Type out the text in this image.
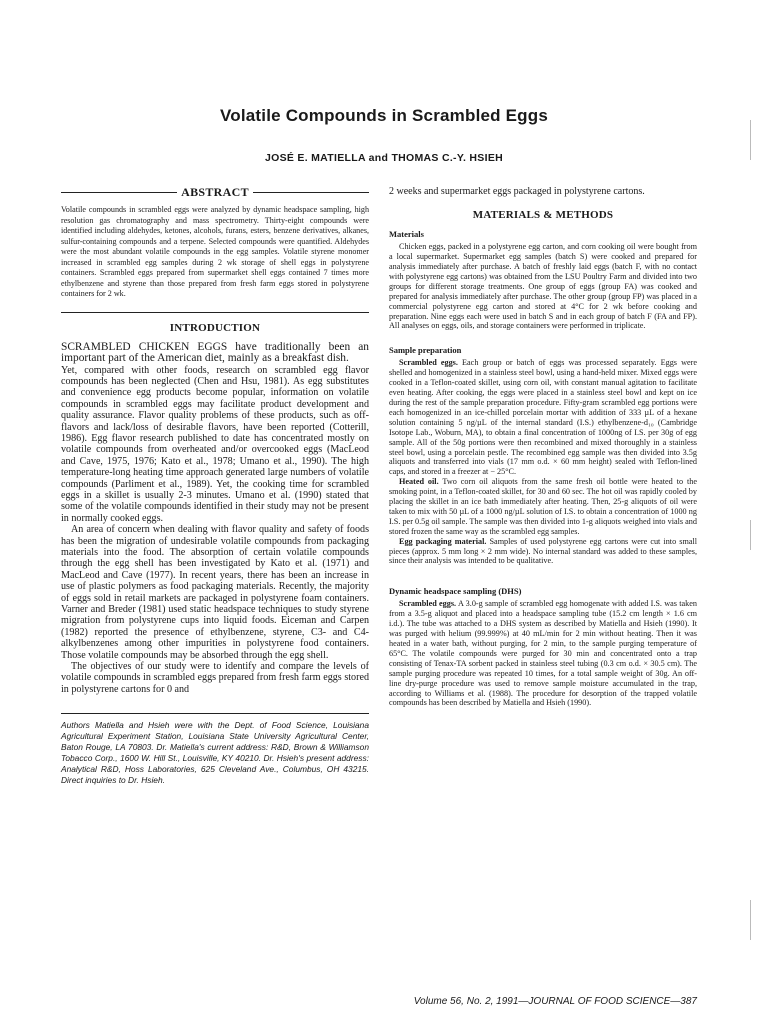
Volatile Compounds in Scrambled Eggs
JOSÉ E. MATIELLA and THOMAS C.-Y. HSIEH
ABSTRACT
Volatile compounds in scrambled eggs were analyzed by dynamic headspace sampling, high resolution gas chromatography and mass spectrometry. Thirty-eight compounds were identified including aldehydes, ketones, alcohols, furans, esters, benzene derivatives, alkanes, sulfur-containing compounds and a terpene. Selected compounds were quantified. Aldehydes were the most abundant volatile compounds in the egg samples. Volatile styrene monomer increased in scrambled egg samples during 2 wk storage of shell eggs in polystyrene containers. Scrambled eggs prepared from supermarket shell eggs contained 7 times more ethylbenzene and styrene than those prepared from fresh farm eggs stored in polystyrene containers for 2 wk.
INTRODUCTION
SCRAMBLED CHICKEN EGGS have traditionally been an important part of the American diet, mainly as a breakfast dish.

Yet, compared with other foods, research on scrambled egg flavor compounds has been neglected (Chen and Hsu, 1981). As egg substitutes and convenience egg products become popular, information on volatile compounds in scrambled eggs may facilitate product development and quality assurance. Flavor quality problems of these products, such as off-flavors and lack/loss of desirable flavors, have been reported (Cotterill, 1986). Egg flavor research published to date has concentrated mostly on volatile compounds from overheated and/or overcooked eggs (MacLeod and Cave, 1975, 1976; Kato et al., 1978; Umano et al., 1990). The high temperature-long heating time approach generated large numbers of volatile compounds (Parliment et al., 1989). Yet, the cooking time for scrambled eggs in a skillet is usually 2-3 minutes. Umano et al. (1990) stated that some of the volatile compounds identified in their study may not be present in normally cooked eggs.

An area of concern when dealing with flavor quality and safety of foods has been the migration of undesirable volatile compounds from packaging materials into the food. The absorption of certain volatile compounds through the egg shell has been investigated by Kato et al. (1971) and MacLeod and Cave (1977). In recent years, there has been an increase in use of plastic polymers as food packaging materials. Recently, the majority of eggs sold in retail markets are packaged in polystyrene foam containers. Varner and Breder (1981) used static headspace techniques to study styrene migration from polystyrene cups into liquid foods. Eiceman and Carpen (1982) reported the presence of ethylbenzene, styrene, C3- and C4-alkylbenzenes among other impurities in polystyrene food containers. Those volatile compounds may be absorbed through the egg shell.

The objectives of our study were to identify and compare the levels of volatile compounds in scrambled eggs prepared from fresh farm eggs stored in polystyrene cartons for 0 and

Authors Matiella and Hsieh were with the Dept. of Food Science, Louisiana Agricultural Experiment Station, Louisiana State University Agricultural Center, Baton Rouge, LA 70803. Dr. Matiella's current address: R&D, Brown & Williamson Tobacco Corp., 1600 W. Hill St., Louisville, KY 40210. Dr. Hsieh's present address: Analytical R&D, Hoss Laboratories, 625 Cleveland Ave., Columbus, OH 43215. Direct inquiries to Dr. Hsieh.

2 weeks and supermarket eggs packaged in polystyrene cartons.

MATERIALS & METHODS
Materials

Chicken eggs, packed in a polystyrene egg carton, and corn cooking oil were bought from a local supermarket. Supermarket egg samples (batch S) were cooked and prepared for analysis immediately after purchase. A batch of freshly laid eggs (batch F, with no contact with polystyrene egg cartons) was obtained from the LSU Poultry Farm and divided into two groups for different storage treatments. One group of eggs (group FA) was cooked and prepared for analysis immediately after purchase. The other group (group FP) was placed in a commercial polystyrene egg carton and stored at 4°C for 2 wk before cooking and preparation. Nine eggs each were used in batch S and in each group of batch F (FA and FP). All analyses on eggs, oils, and storage containers were performed in triplicate.

Sample preparation

Scrambled eggs. Each group or batch of eggs was processed separately. Eggs were shelled and homogenized in a stainless steel bowl, using a hand-held mixer. Mixed eggs were cooked in a Teflon-coated skillet, using corn oil, with constant manual agitation to facilitate even heating. After cooking, the eggs were placed in a stainless steel bowl and kept on ice during the rest of the sample preparation procedure. Fifty-gram scrambled egg portions were each homogenized in an ice-chilled porcelain mortar with addition of 333 µL of a hexane solution containing 5 ng/µL of the internal standard (I.S.) ethylbenzene-d₁₀ (Cambridge Isotope Lab., Woburn, MA), to obtain a final concentration of 1000ng of I.S. per 30g of egg sample. All of the 50g portions were then recombined and mixed thoroughly in a stainless steel bowl, using a porcelain pestle. The recombined egg sample was then divided into 3.5g aliquots and transferred into vials (17 mm o.d. × 60 mm height) sealed with Teflon-lined caps, and stored in a freezer at − 25°C.

Heated oil. Two corn oil aliquots from the same fresh oil bottle were heated to the smoking point, in a Teflon-coated skillet, for 30 and 60 sec. The hot oil was rapidly cooled by placing the skillet in an ice bath immediately after heating. Then, 25-g aliquots of oil were taken to mix with 50 µL of a 1000 ng/µL solution of I.S. to obtain a concentration of 1000 ng I.S. per 0.5g oil sample. The sample was then divided into 1-g aliquots weighed into vials and stored frozen the same way as the scrambled egg samples.

Egg packaging material. Samples of used polystyrene egg cartons were cut into small pieces (approx. 5 mm long × 2 mm wide). No internal standard was added to these samples, since their analysis was intended to be qualitative.

Dynamic headspace sampling (DHS)

Scrambled eggs. A 3.0-g sample of scrambled egg homogenate with added I.S. was taken from a 3.5-g aliquot and placed into a headspace sampling tube (15.2 cm length × 1.6 cm i.d.). The tube was attached to a DHS system as described by Matiella and Hsieh (1990). It was purged with helium (99.999%) at 40 mL/min for 2 min without heating. Then it was heated in a water bath, without purging, for 2 min, to the sample purging temperature of 65°C. The volatile compounds were purged for 30 min and concentrated onto a trap consisting of Tenax-TA sorbent packed in stainless steel tubing (0.3 cm o.d. × 30.5 cm). The sample purging procedure was repeated 10 times, for a total sample weight of 30g. An off-line dry-purge procedure was used to remove sample moisture accumulated in the trap, according to Williams et al. (1988). The procedure for desorption of the trapped volatile compounds has been described by Matiella and Hsieh (1990).

Volume 56, No. 2, 1991—JOURNAL OF FOOD SCIENCE—387
